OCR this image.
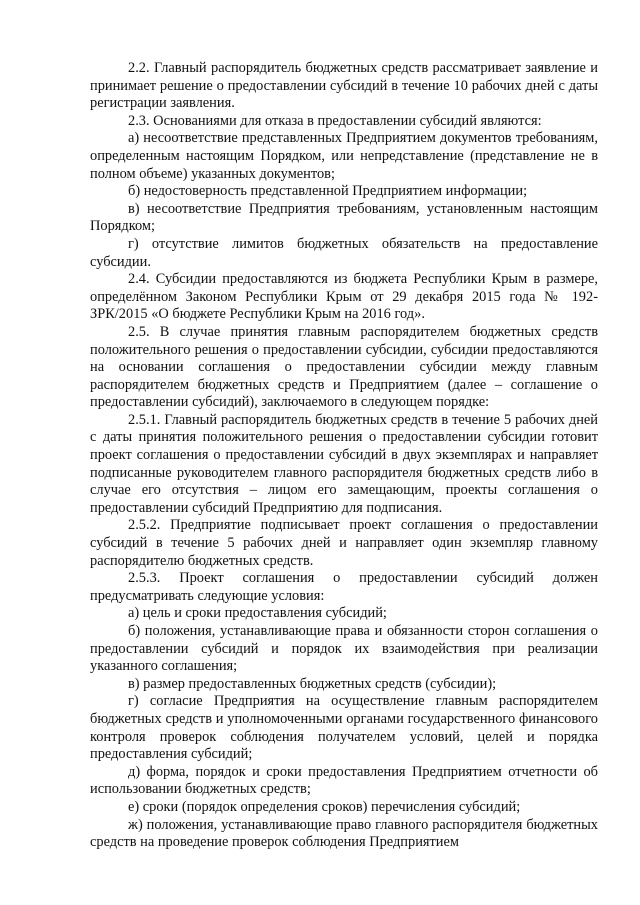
2.2. Главный распорядитель бюджетных средств рассматривает заявление и принимает решение о предоставлении субсидий в течение 10 рабочих дней с даты регистрации заявления.

2.3. Основаниями для отказа в предоставлении субсидий являются:

а) несоответствие представленных Предприятием документов требованиям, определенным настоящим Порядком, или непредставление (представление не в полном объеме) указанных документов;

б) недостоверность представленной Предприятием информации;

в) несоответствие Предприятия требованиям, установленным настоящим Порядком;

г) отсутствие лимитов бюджетных обязательств на предоставление субсидии.

2.4. Субсидии предоставляются из бюджета Республики Крым в размере, определённом Законом Республики Крым от 29 декабря 2015 года № 192-ЗРК/2015 «О бюджете Республики Крым на 2016 год».

2.5. В случае принятия главным распорядителем бюджетных средств положительного решения о предоставлении субсидии, субсидии предоставляются на основании соглашения о предоставлении субсидии между главным распорядителем бюджетных средств и Предприятием (далее – соглашение о предоставлении субсидий), заключаемого в следующем порядке:

2.5.1. Главный распорядитель бюджетных средств в течение 5 рабочих дней с даты принятия положительного решения о предоставлении субсидии готовит проект соглашения о предоставлении субсидий в двух экземплярах и направляет подписанные руководителем главного распорядителя бюджетных средств либо в случае его отсутствия – лицом его замещающим, проекты соглашения о предоставлении субсидий Предприятию для подписания.

2.5.2. Предприятие подписывает проект соглашения о предоставлении субсидий в течение 5 рабочих дней и направляет один экземпляр главному распорядителю бюджетных средств.

2.5.3. Проект соглашения о предоставлении субсидий должен предусматривать следующие условия:

а) цель и сроки предоставления субсидий;

б) положения, устанавливающие права и обязанности сторон соглашения о предоставлении субсидий и порядок их взаимодействия при реализации указанного соглашения;

в) размер предоставленных бюджетных средств (субсидии);

г) согласие Предприятия на осуществление главным распорядителем бюджетных средств и уполномоченными органами государственного финансового контроля проверок соблюдения получателем условий, целей и порядка предоставления субсидий;

д) форма, порядок и сроки предоставления Предприятием отчетности об использовании бюджетных средств;

е) сроки (порядок определения сроков) перечисления субсидий;

ж) положения, устанавливающие право главного распорядителя бюджетных средств на проведение проверок соблюдения Предприятием
